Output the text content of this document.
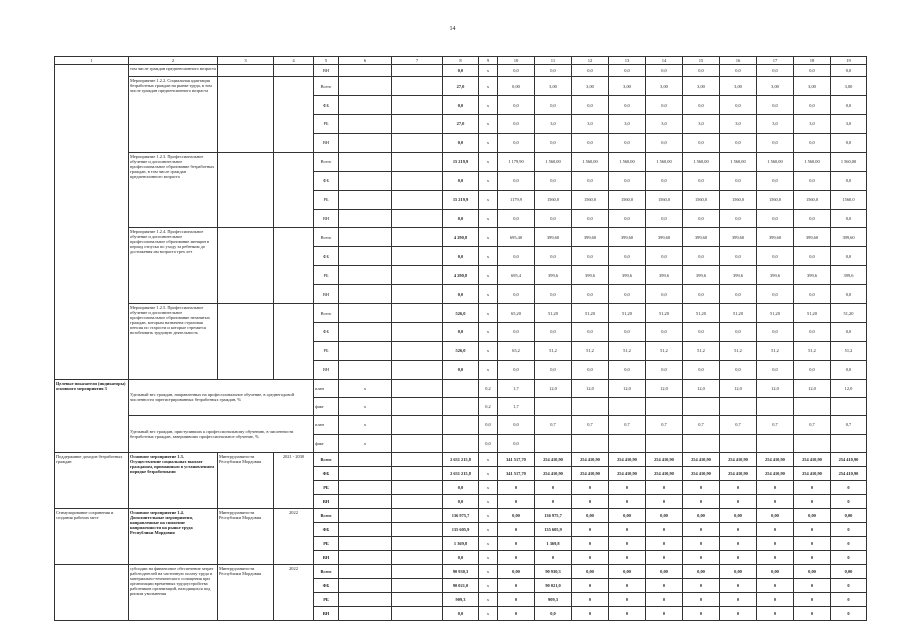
14
1	2	3	4	5	6	7	8	9	10	11	12	13	14	15	16	17	18	19
	том числе граждан предпенсионного возраста			ВН			0,0	x	0,0	0,0	0,0	0,0	0,0	0,0	0,0	0,0	0,0	0,0
	Мероприятие 1.2.2. Социальная адаптация безработных граждан на рынке труда, в том числе граждан предпенсионного возраста			Всего			27,0	x	0,00	3,00	3,00	3,00	3,00	3,00	3,00	3,00	3,00	3,00
				ФБ			0,0	x	0,0	0,0	0,0	0,0	0,0	0,0	0,0	0,0	0,0	0,0
				РБ			27,0	x	0,0	3,0	3,0	3,0	3,0	3,0	3,0	3,0	3,0	3,0
				ВН			0,0	x	0,0	0,0	0,0	0,0	0,0	0,0	0,0	0,0	0,0	0,0
	Мероприятие 1.2.3. Профессиональное обучение и дополнительное профессиональное образование безработных граждан, в том числе граждан предпенсионного возраста			Всего			15 219,9	x	1 179,90	1 560,00	1 560,00	1 560,00	1 560,00	1 560,00	1 560,00	1 560,00	1 560,00	1 560,00
				ФБ			0,0	x	0,0	0,0	0,0	0,0	0,0	0,0	0,0	0,0	0,0	0,0
				РБ			15 219,9	x	1179,9	1560,0	1560,0	1560,0	1560,0	1560,0	1560,0	1560,0	1560,0	1560,0
				ВН			0,0	x	0,0	0,0	0,0	0,0	0,0	0,0	0,0	0,0	0,0	0,0
	Мероприятие 1.2.4. Профессиональное обучение и дополнительное профессиональное образование женщин в период отпуска по уходу за ребенком до достижения им возраста трех лет			Всего			4 290,8	x	695,40	399,60	399,60	399,60	399,60	399,60	399,60	399,60	399,60	399,60
				ФБ			0,0	x	0,0	0,0	0,0	0,0	0,0	0,0	0,0	0,0	0,0	0,0
				РБ			4 290,8	x	695,4	399,6	399,6	399,6	399,6	399,6	399,6	399,6	399,6	399,6
				ВН			0,0	x	0,0	0,0	0,0	0,0	0,0	0,0	0,0	0,0	0,0	0,0
	Мероприятие 1.2.5. Профессиональное обучение и дополнительное профессиональное образование незанятых граждан, которым назначена страховая пенсия по старости и которые стремятся возобновить трудовую деятельность			Всего			526,0	x	65,20	51,20	51,20	51,20	51,20	51,20	51,20	51,20	51,20	51,20
				ФБ			0,0	x	0,0	0,0	0,0	0,0	0,0	0,0	0,0	0,0	0,0	0,0
				РБ			526,0	x	65,2	51,2	51,2	51,2	51,2	51,2	51,2	51,2	51,2	51,2
				ВН			0,0	x	0,0	0,0	0,0	0,0	0,0	0,0	0,0	0,0	0,0	0,0
Целевые показатели (индикаторы) основного мероприятия 3	Удельный вес граждан, направленных на профессиональное обучение, в среднегодовой численности зарегистрированных безработных граждан, %			план	x			0,2	1,7	12,0	12,0	12,0	12,0	12,0	12,0	12,0	12,0	12,0
				факт	x			0,2	1,7									
	Удельный вес граждан, приступивших к профессиональному обучению, в численности безработных граждан, завершивших профессиональное обучение, %			план	x			0,0	0,0	0,7	0,7	0,7	0,7	0,7	0,7	0,7	0,7	0,7
				факт	x			0,0	0,0									
Поддержание доходов безработных граждан	Основное мероприятие 1.3. Осуществление социальных выплат гражданам, признанным в установленном порядке безработными	Минтрудзанятости Республики Мордовия	2021 - 2030	Всего			2 631 215,8	x	341 517,70	254 410,90	254 410,90	254 410,90	254 410,90	254 410,90	254 410,90	254 410,90	254 410,90	254 410,90
				ФБ			2 631 215,8	x	341 517,70	254 410,90	254 410,90	254 410,90	254 410,90	254 410,90	254 410,90	254 410,90	254 410,90	254 410,90
				РБ			0,0	x	0	0	0	0	0	0	0	0	0	0
				ВН			0,0	x	0	0	0	0	0	0	0	0	0	0
Стимулирование сохранения и создания рабочих мест	Основное мероприятие 1.4. Дополнительные мероприятия, направленные на снижение напряженности на рынке труда Республики Мордовия	Минтрудзанятости Республики Мордовия	2022	Всего			136 975,7	x	0,00	136 975,7	0,00	0,00	0,00	0,00	0,00	0,00	0,00	0,00
				ФБ			135 605,9	x	0	135 605,9	0	0	0	0	0	0	0	0
				РБ			1 369,8	x	0	1 369,8	0	0	0	0	0	0	0	0
				ВН			0,0	x	0	0	0	0	0	0	0	0	0	0
	субсидии на финансовое обеспечение затрат работодателей на частичную оплату труда и материально-технического оснащения при организации временных трудоустройства работников организаций, находящихся под риском увольнения	Минтрудзанятости Республики Мордовия	2022	Всего			90 930,3	x	0,00	90 930,3	0,00	0,00	0,00	0,00	0,00	0,00	0,00	0,00
				ФБ			90 021,0	x	0	90 021,0	0	0	0	0	0	0	0	0
				РБ			909,3	x	0	909,3	0	0	0	0	0	0	0	0
				ВН			0,0	x	0	0,0	0	0	0	0	0	0	0	0
